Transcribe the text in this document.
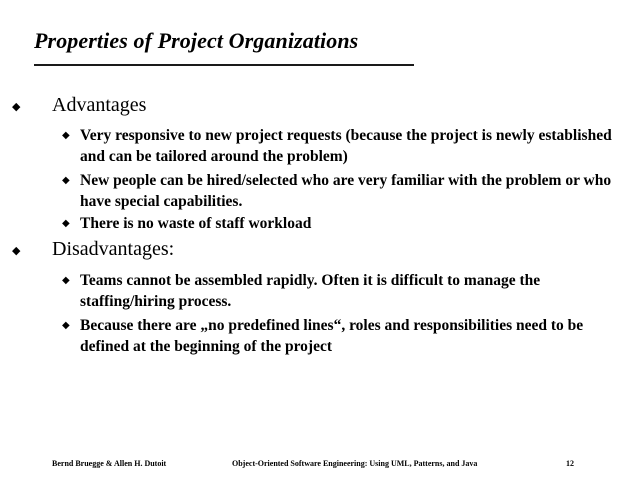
Properties of Project Organizations
◆ Advantages
◆ Very responsive to new project requests (because the project is newly established and can be tailored around the problem)
◆ New people can be hired/selected who are very familiar with the problem or who have special capabilities.
◆ There is no waste of staff workload
◆ Disadvantages:
◆ Teams cannot be assembled rapidly. Often it is difficult to manage the staffing/hiring process.
◆ Because there are „no predefined lines“, roles and responsibilities need to be defined at the beginning of the project
Bernd Bruegge & Allen H. Dutoit	Object-Oriented Software Engineering: Using UML, Patterns, and Java	12
